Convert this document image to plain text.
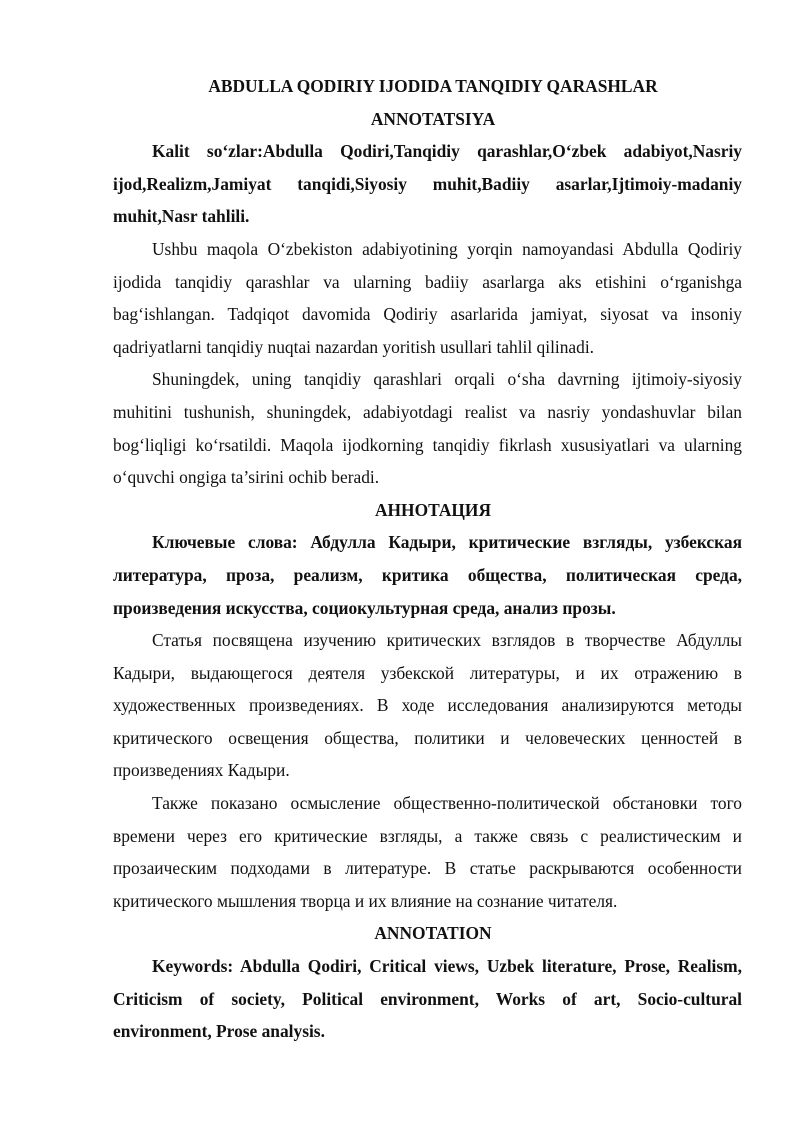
ABDULLA QODIRIY IJODIDA TANQIDIY QARASHLAR
ANNOTATSIYA

Kalit so‘zlar:Abdulla Qodiri,Tanqidiy qarashlar,O‘zbek adabiyot,Nasriy ijod,Realizm,Jamiyat tanqidi,Siyosiy muhit,Badiiy asarlar,Ijtimoiy-madaniy muhit,Nasr tahlili.

Ushbu maqola O‘zbekiston adabiyotining yorqin namoyandasi Abdulla Qodiriy ijodida tanqidiy qarashlar va ularning badiiy asarlarga aks etishini o‘rganishga bag‘ishlangan. Tadqiqot davomida Qodiriy asarlarida jamiyat, siyosat va insoniy qadriyatlarni tanqidiy nuqtai nazardan yoritish usullari tahlil qilinadi.

Shuningdek, uning tanqidiy qarashlari orqali o‘sha davrning ijtimoiy-siyosiy muhitini tushunish, shuningdek, adabiyotdagi realist va nasriy yondashuvlar bilan bog‘liqligi ko‘rsatildi. Maqola ijodkorning tanqidiy fikrlash xususiyatlari va ularning o‘quvchi ongiga ta’sirini ochib beradi.

АННОТАЦИЯ

Ключевые слова: Абдулла Кадыри, критические взгляды, узбекская литература, проза, реализм, критика общества, политическая среда, произведения искусства, социокультурная среда, анализ прозы.

Статья посвящена изучению критических взглядов в творчестве Абдуллы Кадыри, выдающегося деятеля узбекской литературы, и их отражению в художественных произведениях. В ходе исследования анализируются методы критического освещения общества, политики и человеческих ценностей в произведениях Кадыри.

Также показано осмысление общественно-политической обстановки того времени через его критические взгляды, а также связь с реалистическим и прозаическим подходами в литературе. В статье раскрываются особенности критического мышления творца и их влияние на сознание читателя.

ANNOTATION

Keywords: Abdulla Qodiri, Critical views, Uzbek literature, Prose, Realism, Criticism of society, Political environment, Works of art, Socio-cultural environment, Prose analysis.
